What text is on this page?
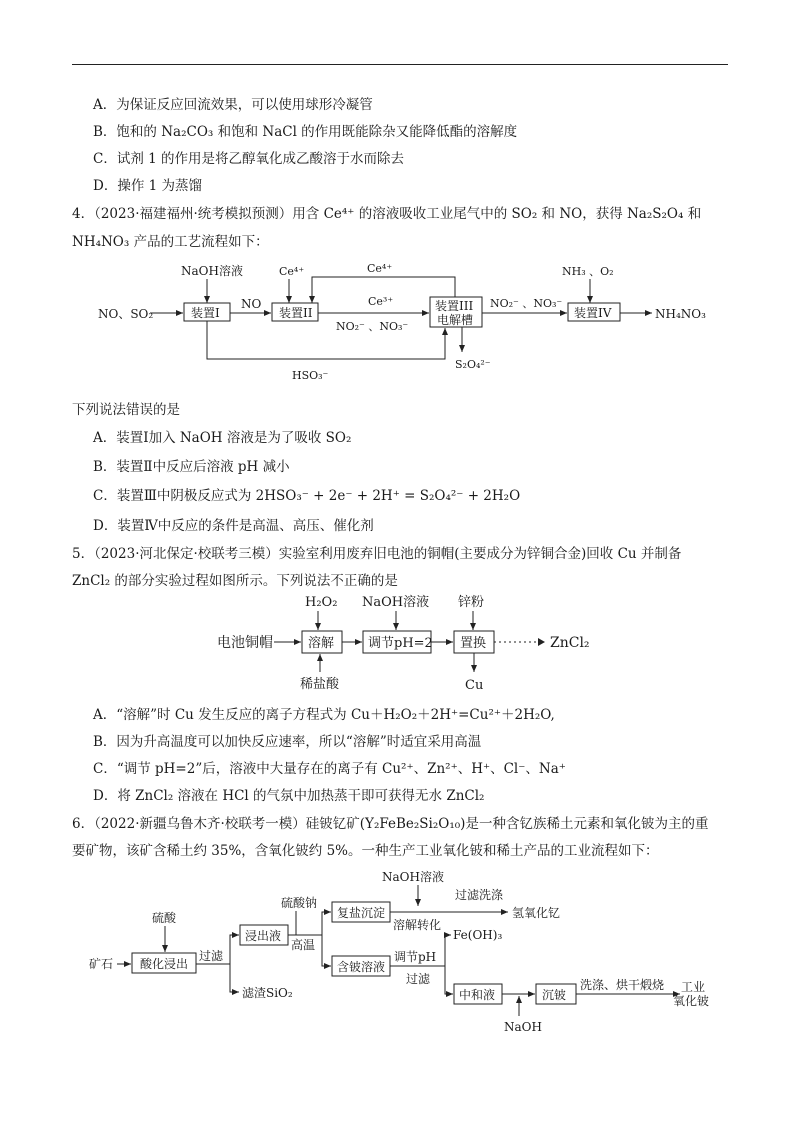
A．为保证反应回流效果，可以使用球形冷凝管
B．饱和的 Na₂CO₃ 和饱和 NaCl 的作用既能除杂又能降低酯的溶解度
C．试剂 1 的作用是将乙醇氧化成乙酸溶于水而除去
D．操作 1 为蒸馏
4．（2023·福建福州·统考模拟预测）用含 Ce⁴⁺ 的溶液吸收工业尾气中的 SO₂ 和 NO，获得 Na₂S₂O₄ 和
NH₄NO₃ 产品的工艺流程如下：
NO、SO₂
NaOH溶液
装置I
NO
Ce⁴⁺
装置II
Ce⁴⁺
Ce³⁺
NO₂⁻ 、NO₃⁻
装置III
电解槽
NO₂⁻ 、NO₃⁻
NH₃ 、O₂
装置IV	NH₄NO₃
S₂O₄²⁻
HSO₃⁻
下列说法错误的是
A．装置Ⅰ加入 NaOH 溶液是为了吸收 SO₂
B．装置Ⅱ中反应后溶液 pH 减小
C．装置Ⅲ中阴极反应式为 2HSO₃⁻ + 2e⁻ + 2H⁺ = S₂O₄²⁻ + 2H₂O
D．装置Ⅳ中反应的条件是高温、高压、催化剂
5．（2023·河北保定·校联考三模）实验室利用废弃旧电池的铜帽(主要成分为锌铜合金)回收 Cu 并制备
ZnCl₂ 的部分实验过程如图所示。下列说法不正确的是
H₂O₂ NaOH溶液 锌粉
电池铜帽	溶解	调节pH=2 置换	ZnCl₂
稀盐酸	Cu
A．“溶解”时 Cu 发生反应的离子方程式为 Cu＋H₂O₂＋2H⁺=Cu²⁺＋2H₂O,
B．因为升高温度可以加快反应速率，所以“溶解”时适宜采用高温
C．“调节 pH=2”后，溶液中大量存在的离子有 Cu²⁺、Zn²⁺、H⁺、Cl⁻、Na⁺
D．将 ZnCl₂ 溶液在 HCl 的气氛中加热蒸干即可获得无水 ZnCl₂
6．（2022·新疆乌鲁木齐·校联考一模）硅铍钇矿(Y₂FeBe₂Si₂O₁₀)是一种含钇族稀土元素和氧化铍为主的重
要矿物，该矿含稀土约 35%，含氧化铍约 5%。一种生产工业氧化铍和稀土产品的工业流程如下：
硫酸
矿石 酸化浸出
过滤
浸出液
滤渣SiO₂
硫酸钠
高温
复盐沉淀
NaOH溶液
溶解转化
过滤洗涤
氢氧化钇
含铍溶液
调节pH
过滤
Fe(OH)₃
中和液
NaOH
沉铍
洗涤、烘干煅烧 工业
氧化铍
